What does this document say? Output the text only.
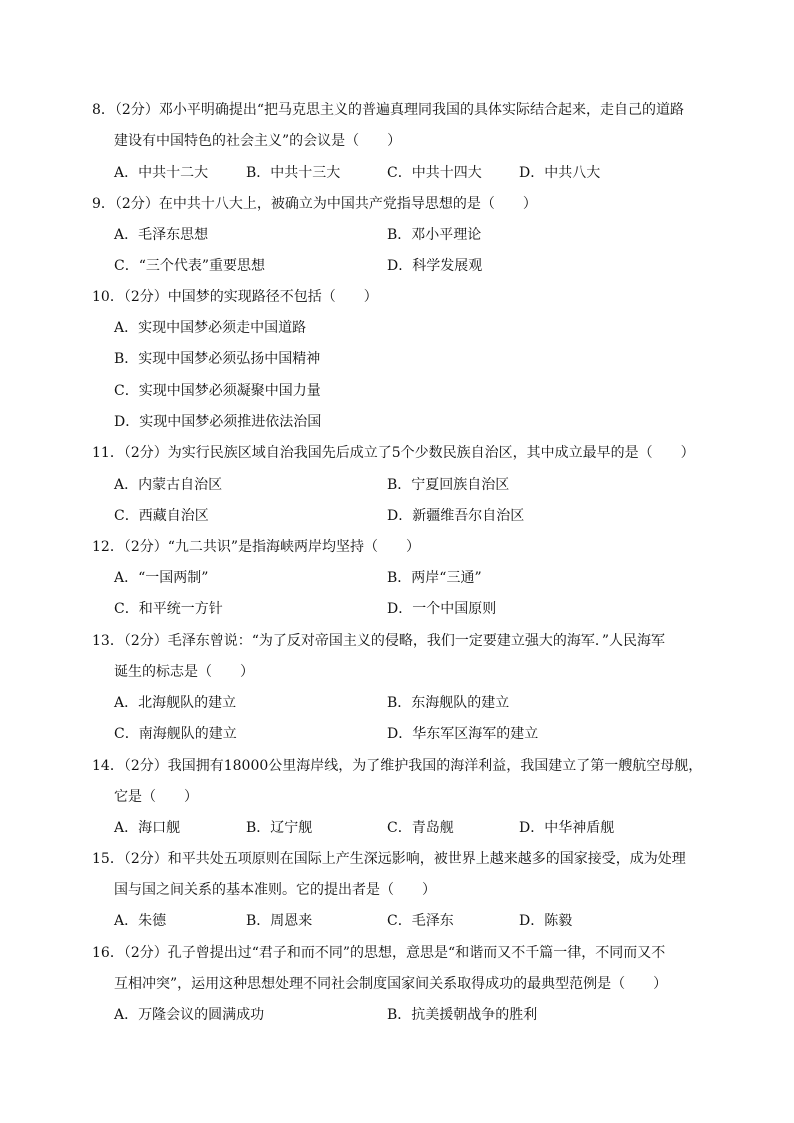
8．（2分）邓小平明确提出“把马克思主义的普遍真理同我国的具体实际结合起来，走自己的道路
建设有中国特色的社会主义”的会议是（　　）
A．中共十二大	B．中共十三大	C．中共十四大	D．中共八大
9．（2分）在中共十八大上，被确立为中国共产党指导思想的是（　　）
A．毛泽东思想	B．邓小平理论
C．“三个代表”重要思想	D．科学发展观
10．（2分）中国梦的实现路径不包括（　　）
A．实现中国梦必须走中国道路
B．实现中国梦必须弘扬中国精神
C．实现中国梦必须凝聚中国力量
D．实现中国梦必须推进依法治国
11．（2分）为实行民族区域自治我国先后成立了5个少数民族自治区，其中成立最早的是（　　）
A．内蒙古自治区	B．宁夏回族自治区
C．西藏自治区	D．新疆维吾尔自治区
12．（2分）“九二共识”是指海峡两岸均坚持（　　）
A．“一国两制”	B．两岸“三通”
C．和平统一方针	D．一个中国原则
13．（2分）毛泽东曾说：“为了反对帝国主义的侵略，我们一定要建立强大的海军．”人民海军
诞生的标志是（　　）
A．北海舰队的建立	B．东海舰队的建立
C．南海舰队的建立	D．华东军区海军的建立
14．（2分）我国拥有18000公里海岸线，为了维护我国的海洋利益，我国建立了第一艘航空母舰，
它是（　　）
A．海口舰	B．辽宁舰	C．青岛舰	D．中华神盾舰
15．（2分）和平共处五项原则在国际上产生深远影响，被世界上越来越多的国家接受，成为处理
国与国之间关系的基本准则。它的提出者是（　　）
A．朱德	B．周恩来	C．毛泽东	D．陈毅
16．（2分）孔子曾提出过“君子和而不同”的思想，意思是“和谐而又不千篇一律，不同而又不
互相冲突”，运用这种思想处理不同社会制度国家间关系取得成功的最典型范例是（　　）
A．万隆会议的圆满成功	B．抗美援朝战争的胜利
